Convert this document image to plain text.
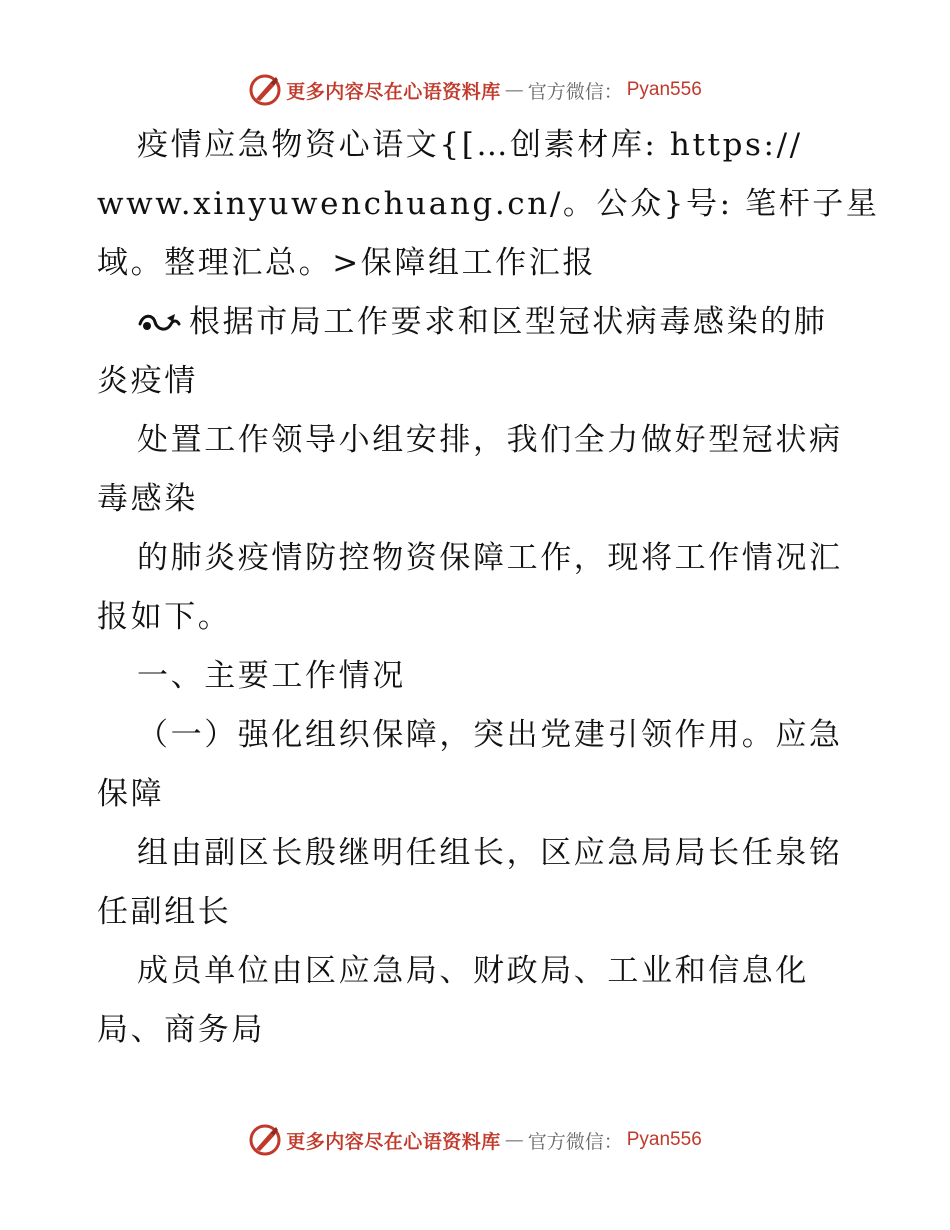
更多内容尽在心语资料库 — 官方微信： Pyan556
疫情应急物资心语文{[…创素材库: https://
www.xinyuwenchuang.cn/。公众}号: 笔杆子星
域。整理汇总。>保障组工作汇报
根据市局工作要求和区型冠状病毒感染的肺
炎疫情
处置工作领导小组安排，我们全力做好型冠状病
毒感染
的肺炎疫情防控物资保障工作，现将工作情况汇
报如下。
一、主要工作情况
（一）强化组织保障，突出党建引领作用。应急
保障
组由副区长殷继明任组长，区应急局局长任泉铭
任副组长
成员单位由区应急局、财政局、工业和信息化
局、商务局
更多内容尽在心语资料库 — 官方微信： Pyan556
